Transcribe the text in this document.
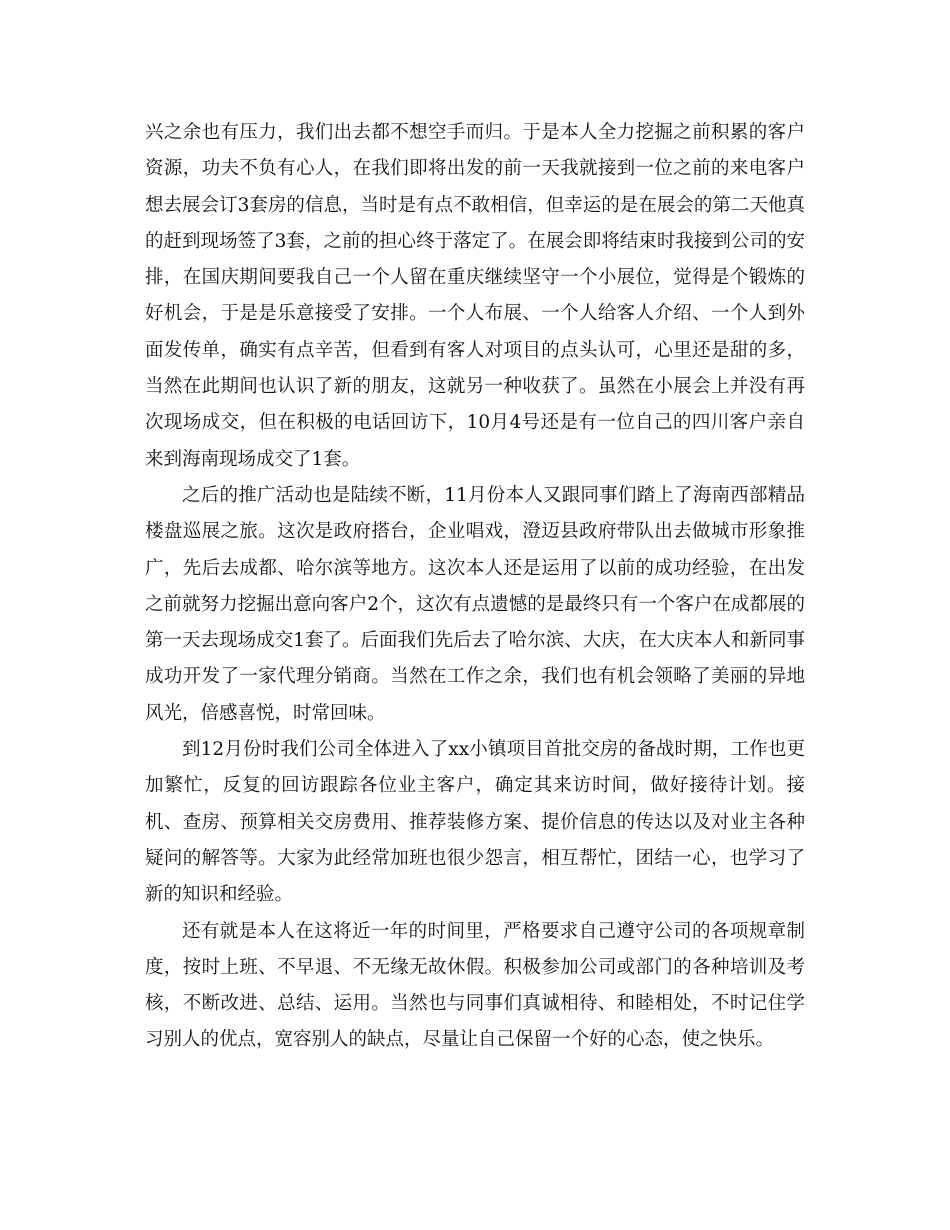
兴之余也有压力，我们出去都不想空手而归。于是本人全力挖掘之前积累的客户资源，功夫不负有心人，在我们即将出发的前一天我就接到一位之前的来电客户想去展会订3套房的信息，当时是有点不敢相信，但幸运的是在展会的第二天他真的赶到现场签了3套，之前的担心终于落定了。在展会即将结束时我接到公司的安排，在国庆期间要我自己一个人留在重庆继续坚守一个小展位，觉得是个锻炼的好机会，于是是乐意接受了安排。一个人布展、一个人给客人介绍、一个人到外面发传单，确实有点辛苦，但看到有客人对项目的点头认可，心里还是甜的多，当然在此期间也认识了新的朋友，这就另一种收获了。虽然在小展会上并没有再次现场成交，但在积极的电话回访下，10月4号还是有一位自己的四川客户亲自来到海南现场成交了1套。

之后的推广活动也是陆续不断，11月份本人又跟同事们踏上了海南西部精品楼盘巡展之旅。这次是政府搭台，企业唱戏，澄迈县政府带队出去做城市形象推广，先后去成都、哈尔滨等地方。这次本人还是运用了以前的成功经验，在出发之前就努力挖掘出意向客户2个，这次有点遗憾的是最终只有一个客户在成都展的第一天去现场成交1套了。后面我们先后去了哈尔滨、大庆，在大庆本人和新同事成功开发了一家代理分销商。当然在工作之余，我们也有机会领略了美丽的异地风光，倍感喜悦，时常回味。

到12月份时我们公司全体进入了xx小镇项目首批交房的备战时期，工作也更加繁忙，反复的回访跟踪各位业主客户，确定其来访时间，做好接待计划。接机、查房、预算相关交房费用、推荐装修方案、提价信息的传达以及对业主各种疑问的解答等。大家为此经常加班也很少怨言，相互帮忙，团结一心，也学习了新的知识和经验。

还有就是本人在这将近一年的时间里，严格要求自己遵守公司的各项规章制度，按时上班、不早退、不无缘无故休假。积极参加公司或部门的各种培训及考核，不断改进、总结、运用。当然也与同事们真诚相待、和睦相处，不时记住学习别人的优点，宽容别人的缺点，尽量让自己保留一个好的心态，使之快乐。
